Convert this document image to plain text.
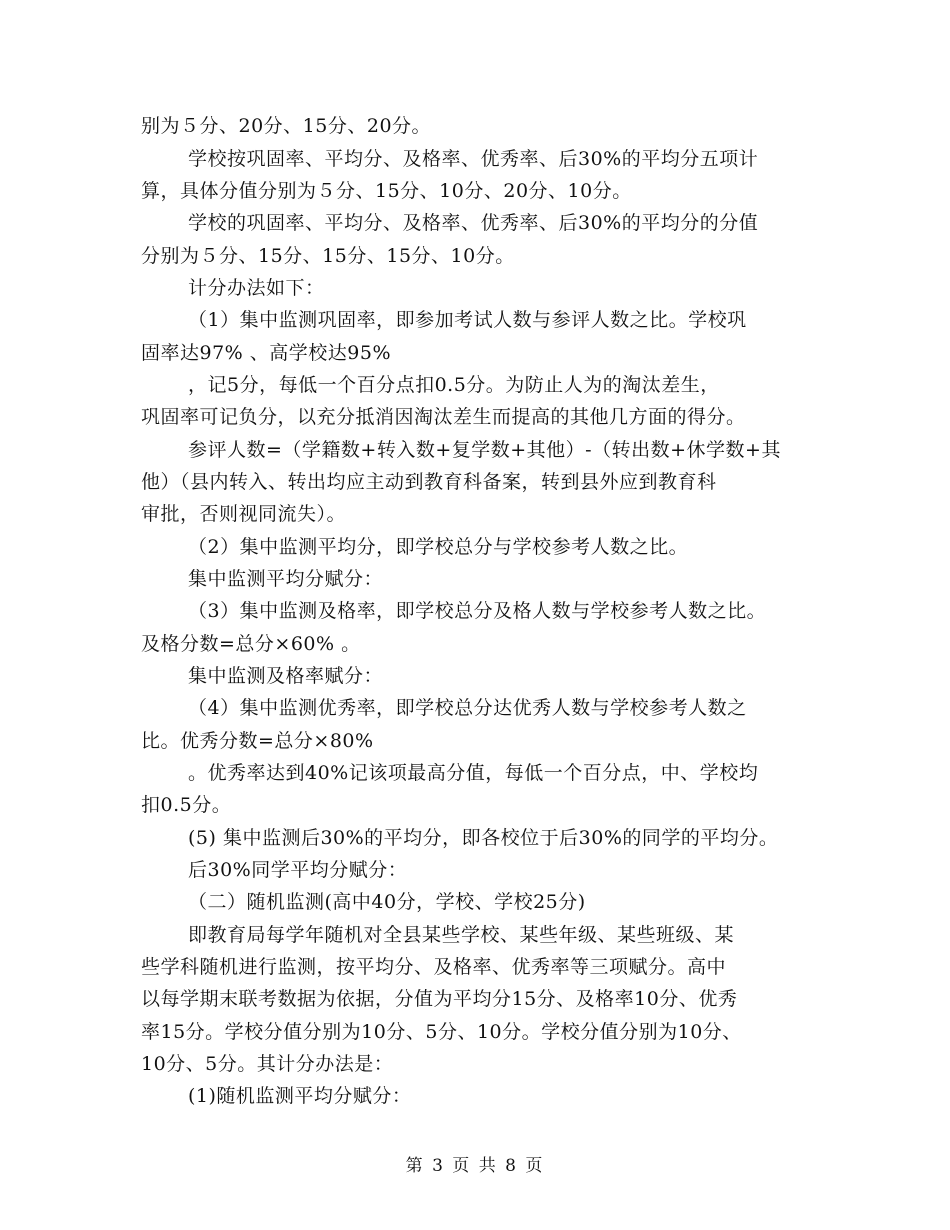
别为５分、20分、15分、20分。
学校按巩固率、平均分、及格率、优秀率、后30%的平均分五项计
算，具体分值分别为５分、15分、10分、20分、10分。
学校的巩固率、平均分、及格率、优秀率、后30%的平均分的分值
分别为５分、15分、15分、15分、10分。
计分办法如下：
（1）集中监测巩固率，即参加考试人数与参评人数之比。学校巩
固率达97% 、高学校达95%
，记5分，每低一个百分点扣0.5分。为防止人为的淘汰差生，
巩固率可记负分，以充分抵消因淘汰差生而提高的其他几方面的得分。
参评人数=（学籍数+转入数+复学数+其他）-（转出数+休学数+其
他）（县内转入、转出均应主动到教育科备案，转到县外应到教育科
审批，否则视同流失）。
（2）集中监测平均分，即学校总分与学校参考人数之比。
集中监测平均分赋分：
（3）集中监测及格率，即学校总分及格人数与学校参考人数之比。
及格分数=总分×60% 。
集中监测及格率赋分：
（4）集中监测优秀率，即学校总分达优秀人数与学校参考人数之
比。优秀分数=总分×80%
。优秀率达到40%记该项最高分值，每低一个百分点，中、学校均
扣0.5分。
(5) 集中监测后30%的平均分，即各校位于后30%的同学的平均分。
后30%同学平均分赋分：
（二）随机监测(高中40分，学校、学校25分)
即教育局每学年随机对全县某些学校、某些年级、某些班级、某
些学科随机进行监测，按平均分、及格率、优秀率等三项赋分。高中
以每学期末联考数据为依据，分值为平均分15分、及格率10分、优秀
率15分。学校分值分别为10分、5分、10分。学校分值分别为10分、
10分、5分。其计分办法是：
(1)随机监测平均分赋分：
第 3 页 共 8 页
